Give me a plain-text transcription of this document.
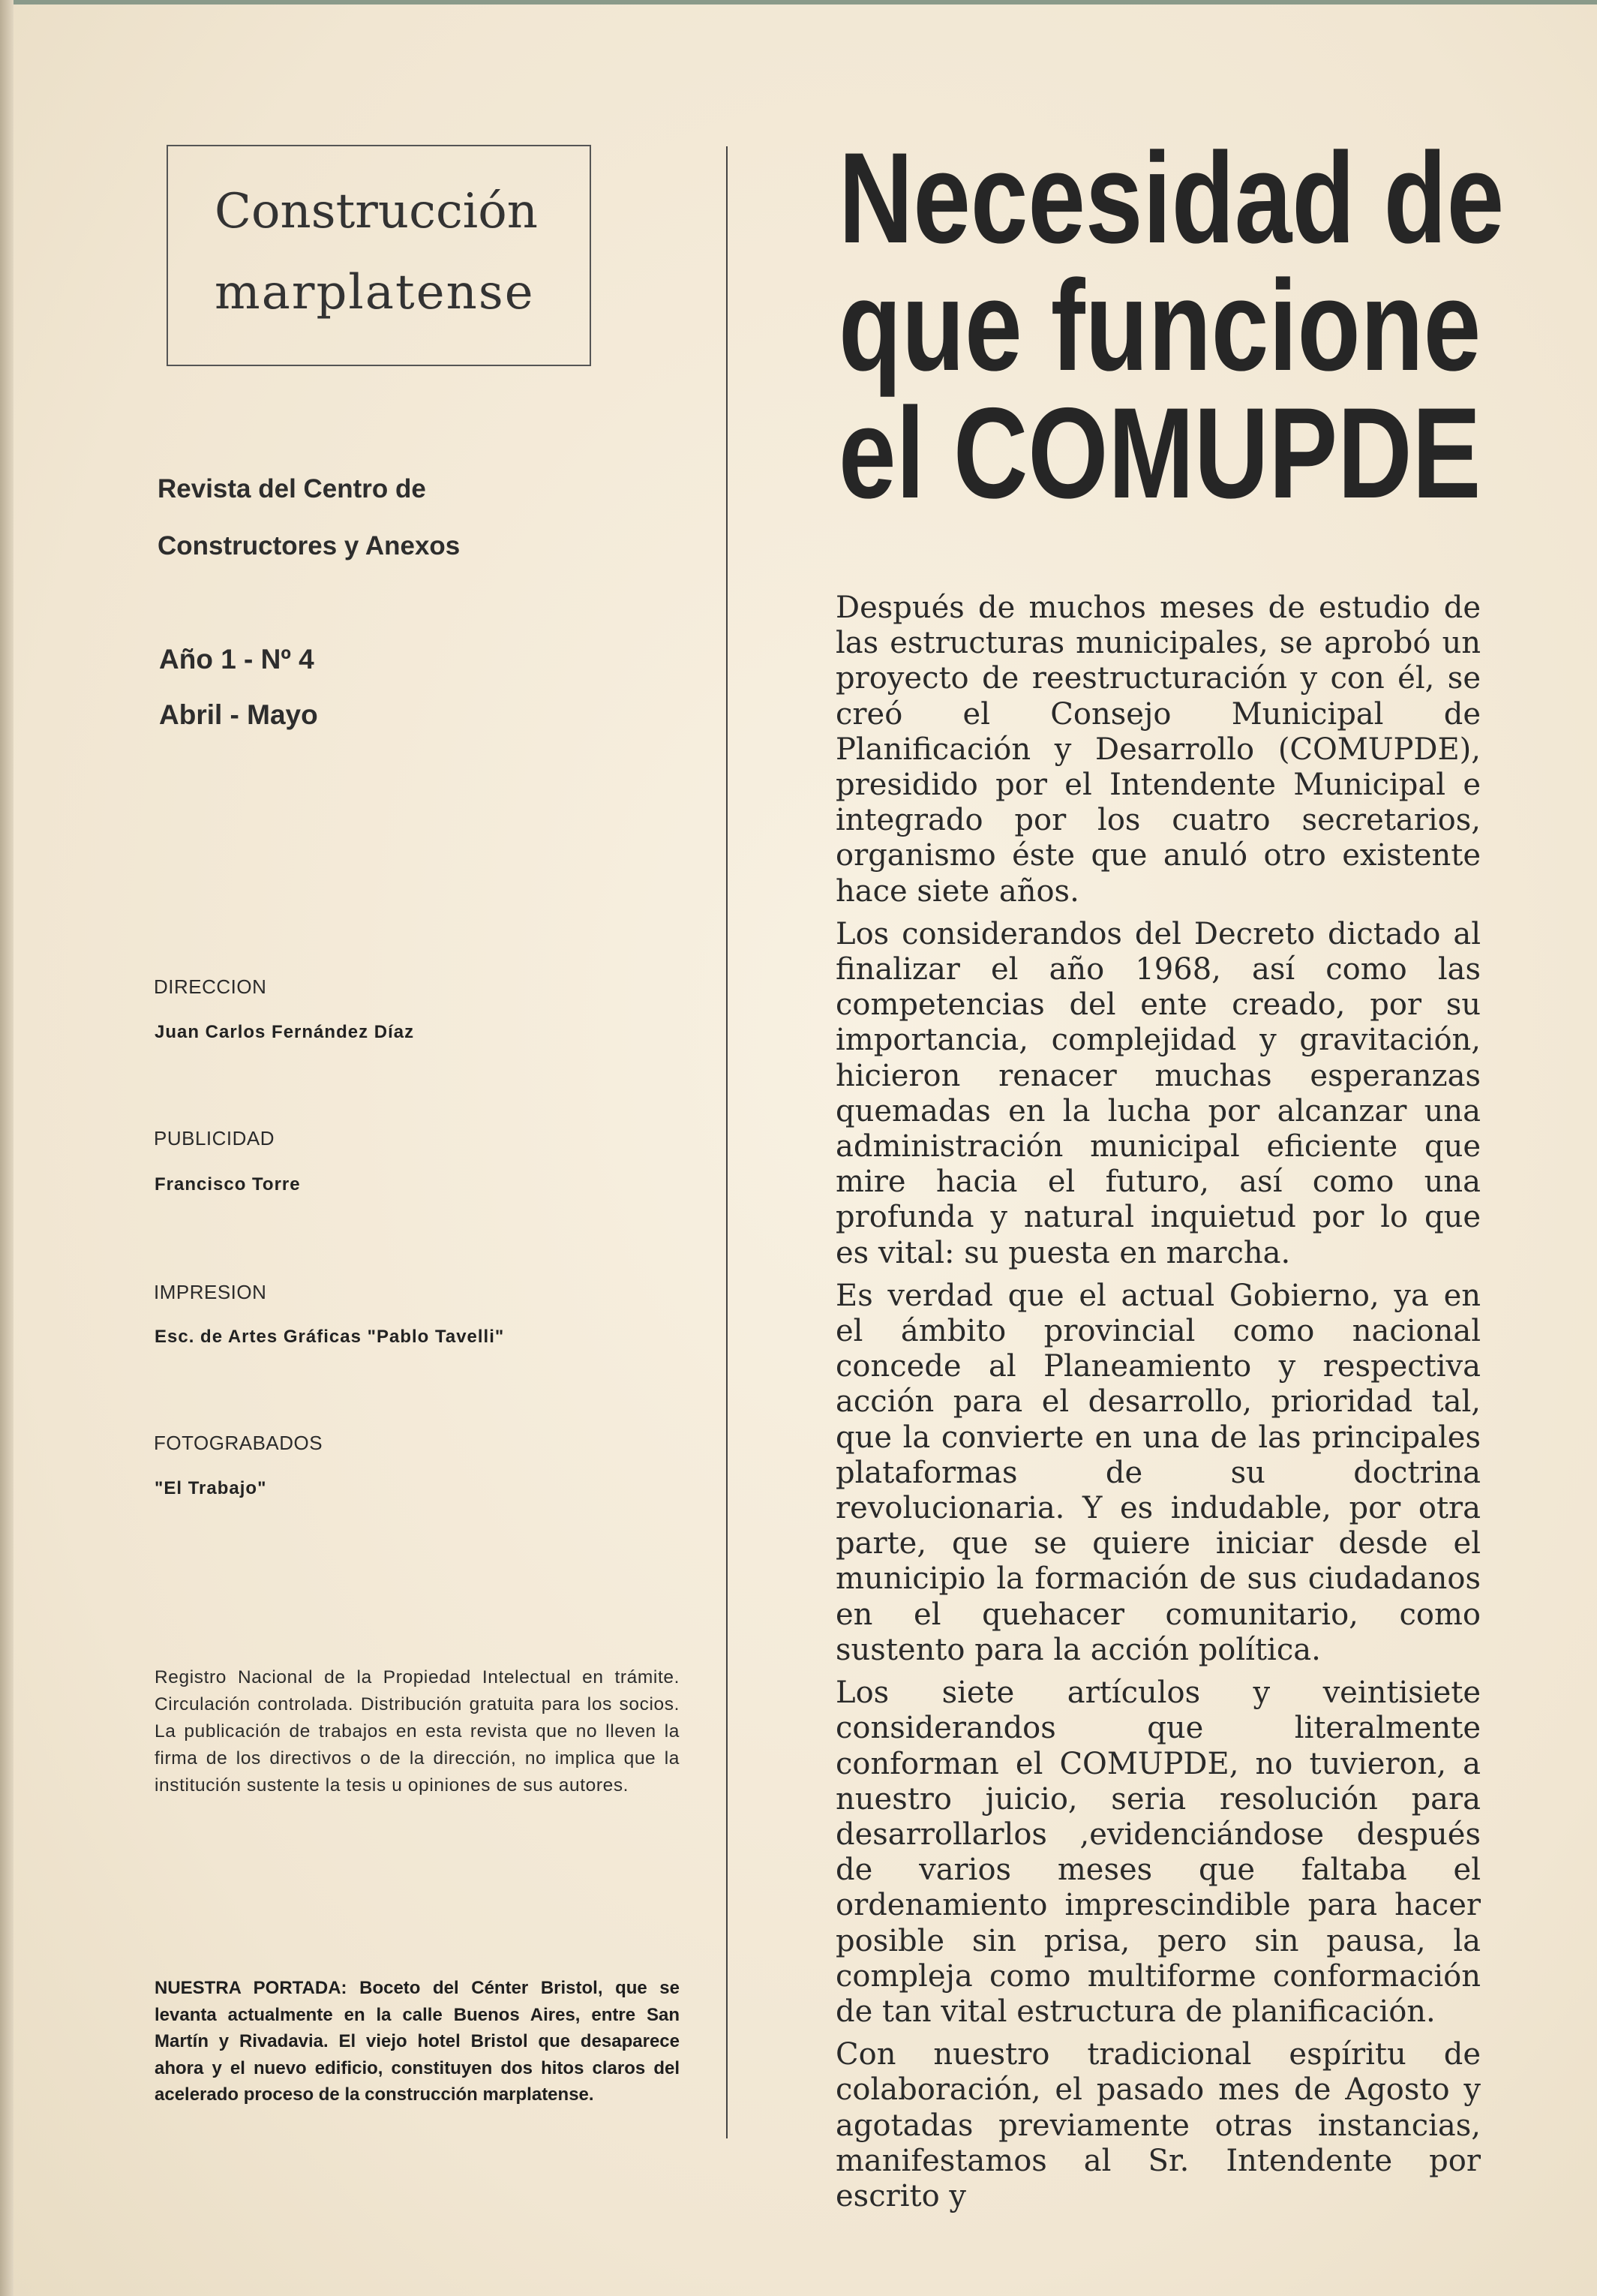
Construcción
marplatense
Revista del Centro de
Constructores y Anexos
Año 1 - Nº 4
Abril - Mayo
DIRECCION
Juan Carlos Fernández Díaz
PUBLICIDAD
Francisco Torre
IMPRESION
Esc. de Artes Gráficas "Pablo Tavelli"
FOTOGRABADOS
"El Trabajo"
Registro Nacional de la Propiedad Intelectual en trámite. Circulación controlada. Distribución gratuita para los socios. La publicación de trabajos en esta revista que no lleven la firma de los directivos o de la dirección, no implica que la institución sustente la tesis u opiniones de sus autores.
NUESTRA PORTADA: Boceto del Cénter Bristol, que se levanta actualmente en la calle Buenos Aires, entre San Martín y Rivadavia. El viejo hotel Bristol que desaparece ahora y el nuevo edificio, constituyen dos hitos claros del acelerado proceso de la construcción marplatense.
Necesidad de
que funcione
el COMUPDE

Después de muchos meses de estudio de las estructuras municipales, se aprobó un proyecto de reestructuración y con él, se creó el Consejo Municipal de Planificación y Desarrollo (COMUPDE), presidido por el Intendente Municipal e integrado por los cuatro secretarios, organismo éste que anuló otro existente hace siete años.

Los considerandos del Decreto dictado al finalizar el año 1968, así como las competencias del ente creado, por su importancia, complejidad y gravitación, hicieron renacer muchas esperanzas quemadas en la lucha por alcanzar una administración municipal eficiente que mire hacia el futuro, así como una profunda y natural inquietud por lo que es vital: su puesta en marcha.

Es verdad que el actual Gobierno, ya en el ámbito provincial como nacional concede al Planeamiento y respectiva acción para el desarrollo, prioridad tal, que la convierte en una de las principales plataformas de su doctrina revolucionaria. Y es indudable, por otra parte, que se quiere iniciar desde el municipio la formación de sus ciudadanos en el quehacer comunitario, como sustento para la acción política.

Los siete artículos y veintisiete considerandos que literalmente conforman el COMUPDE, no tuvieron, a nuestro juicio, seria resolución para desarrollarlos ,evidenciándose después de varios meses que faltaba el ordenamiento imprescindible para hacer posible sin prisa, pero sin pausa, la compleja como multiforme conformación de tan vital estructura de planificación.

Con nuestro tradicional espíritu de colaboración, el pasado mes de Agosto y agotadas previamente otras instancias, manifestamos al Sr. Intendente por escrito y
